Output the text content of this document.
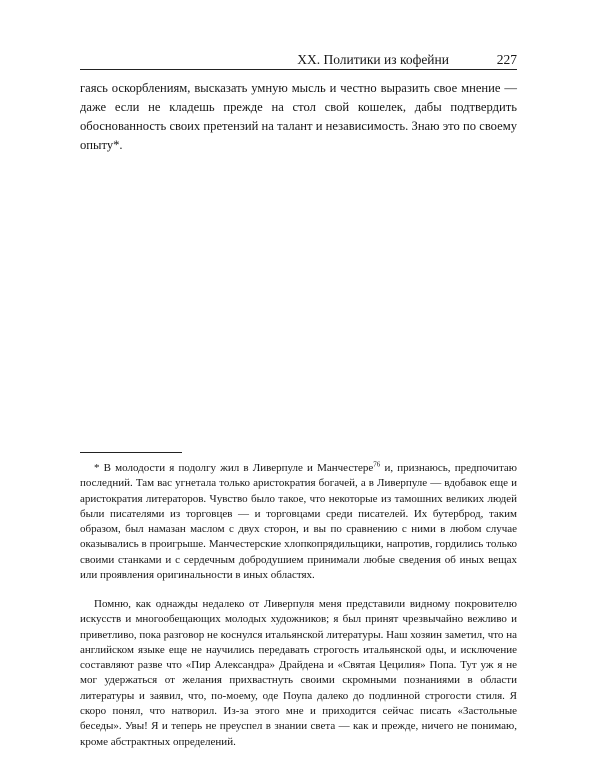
XX. Политики из кофейни	227

гаясь оскорблениям, высказать умную мысль и честно выразить свое мнение — даже если не кладешь прежде на стол свой кошелек, дабы подтвердить обоснованность своих претензий на талант и независимость. Знаю это по своему опыту*.

* В молодости я подолгу жил в Ливерпуле и Манчестере$^{76}$ и, признаюсь, предпочитаю последний. Там вас угнетала только аристократия богачей, а в Ливерпуле — вдобавок еще и аристократия литераторов. Чувство было такое, что некоторые из тамошних великих людей были писателями из торговцев — и торговцами среди писателей. Их бутерброд, таким образом, был намазан маслом с двух сторон, и вы по сравнению с ними в любом случае оказывались в проигрыше. Манчестерские хлопкопрядильщики, напротив, гордились только своими станками и с сердечным добродушием принимали любые сведения об иных вещах или проявления оригинальности в иных областях.

Помню, как однажды недалеко от Ливерпуля меня представили видному покровителю искусств и многообещающих молодых художников; я был принят чрезвычайно вежливо и приветливо, пока разговор не коснулся итальянской литературы. Наш хозяин заметил, что на английском языке еще не научились передавать строгость итальянской оды, и исключение составляют разве что «Пир Александра» Драйдена и «Святая Цецилия» Попа. Тут уж я не мог удержаться от желания прихвастнуть своими скромными познаниями в области литературы и заявил, что, по-моему, оде Поупа далеко до подлинной строгости стиля. Я скоро понял, что натворил. Из-за этого мне и приходится сейчас писать «Застольные беседы». Увы! Я и теперь не преуспел в знании света — как и прежде, ничего не понимаю, кроме абстрактных определений.
